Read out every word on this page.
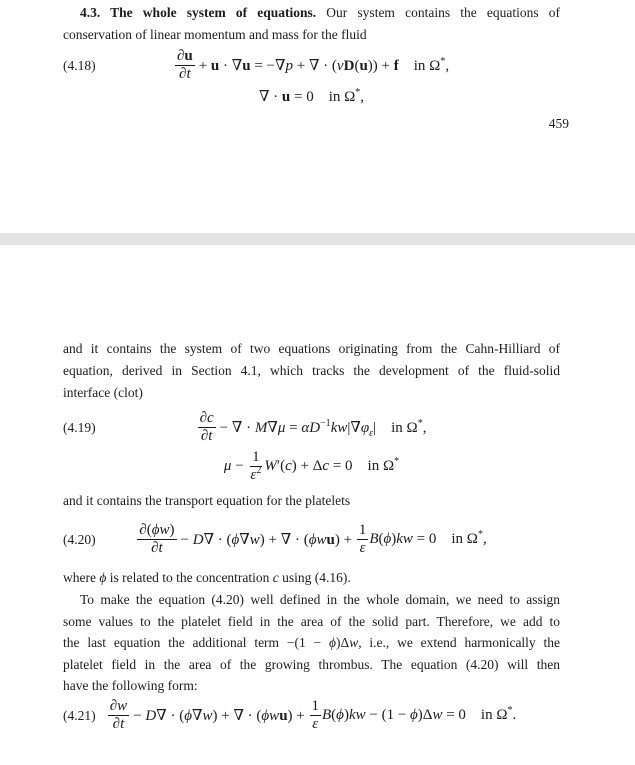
4.3. The whole system of equations. Our system contains the equations of
conservation of linear momentum and mass for the fluid
(4.18)	$\frac{\partial u}{\partial t} + u \cdot \nabla u = -\nabla p$ + ∇ · (νD(u)) + f in Ω*,
∇ · u = 0 in Ω*,
459
and it contains the system of two equations originating from the Cahn-Hilliard of
equation, derived in Section 4.1, which tracks the development of the fluid-solid
interface (clot)
(4.19)	$\frac{\partial c}{\partial t}$  − ∇ · $M\nabla\mu = \alpha D^{-1}kw|\nabla\varphi_\varepsilon|$ in Ω*,
$\mu - \frac{1}{\varepsilon^2} W'(c) + \Delta c = 0$ in Ω*
and it contains the transport equation for the platelets
(4.20)	$\frac{\partial(\phi w)}{\partial t} - D\nabla \cdot (\phi\nabla w)$ + ∇ · $(\phi wu) + \frac{1}{\varepsilon} B(\phi)kw = 0$ in Ω*,
where ϕ is related to the concentration c using (4.16).
To make the equation (4.20) well defined in the whole domain, we need to assign
some values to the platelet field in the area of the solid part. Therefore, we add to
the last equation the additional term −(1 − ϕ)Δw, i.e., we extend harmonically the
platelet field in the area of the growing thrombus. The equation (4.20) will then
have the following form:
$(4.21) \frac{\partial w}{\partial t} - D\nabla \cdot (\phi\nabla w)$ + ∇ · $(\phi wu) + \frac{1}{\varepsilon} B(\phi)kw - (1 - \phi)\Delta w = 0$ in Ω*.
